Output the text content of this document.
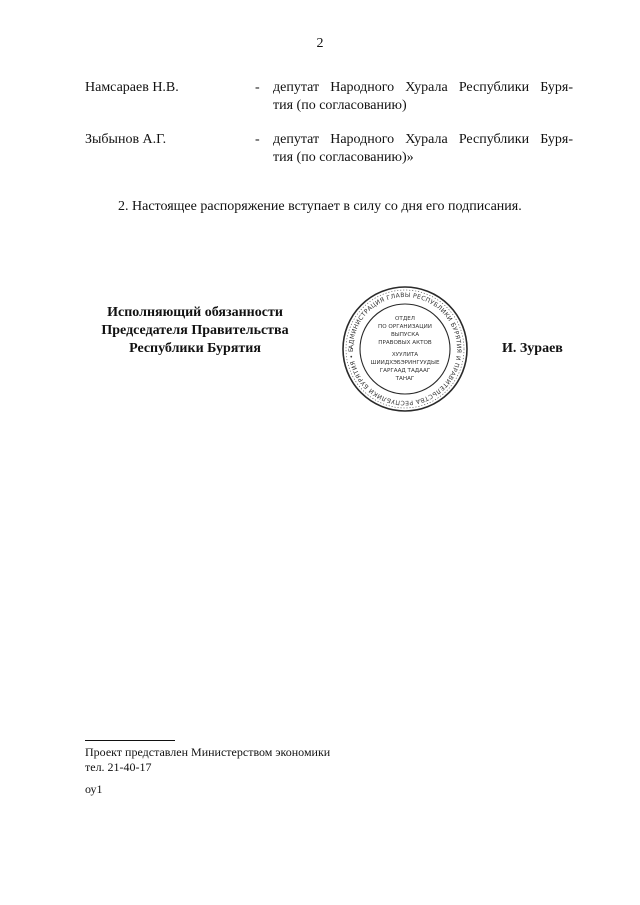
2
Намсараев Н.В.	- депутат Народного Хурала Республики Буря-
тия (по согласованию)
Зыбынов А.Г.	- депутат Народного Хурала Республики Буря-
тия (по согласованию)»
2. Настоящее распоряжение вступает в силу со дня его подписания.
Исполняющий обязанности
Председателя Правительства
Республики Бурятия	АДМИНИСТРАЦИЯ ГЛАВЫ РЕСПУБЛИКИ БУРЯТИЯ И ПРАВИТЕЛЬСТВА РЕСПУБЛИКИ БУРЯТИЯ • Б
ОТДЕЛ
ПО ОРГАНИЗАЦИИ
ВЫПУСКА
ПРАВОВЫХ АКТОВ
ХУУЛИТА
ШИИДХЭБЭРИНГУУДЫЕ
ГАРГААД ТАДААГ
ТАНАГ
И. Зураев
Проект представлен Министерством экономики
тел. 21-40-17
оу1
